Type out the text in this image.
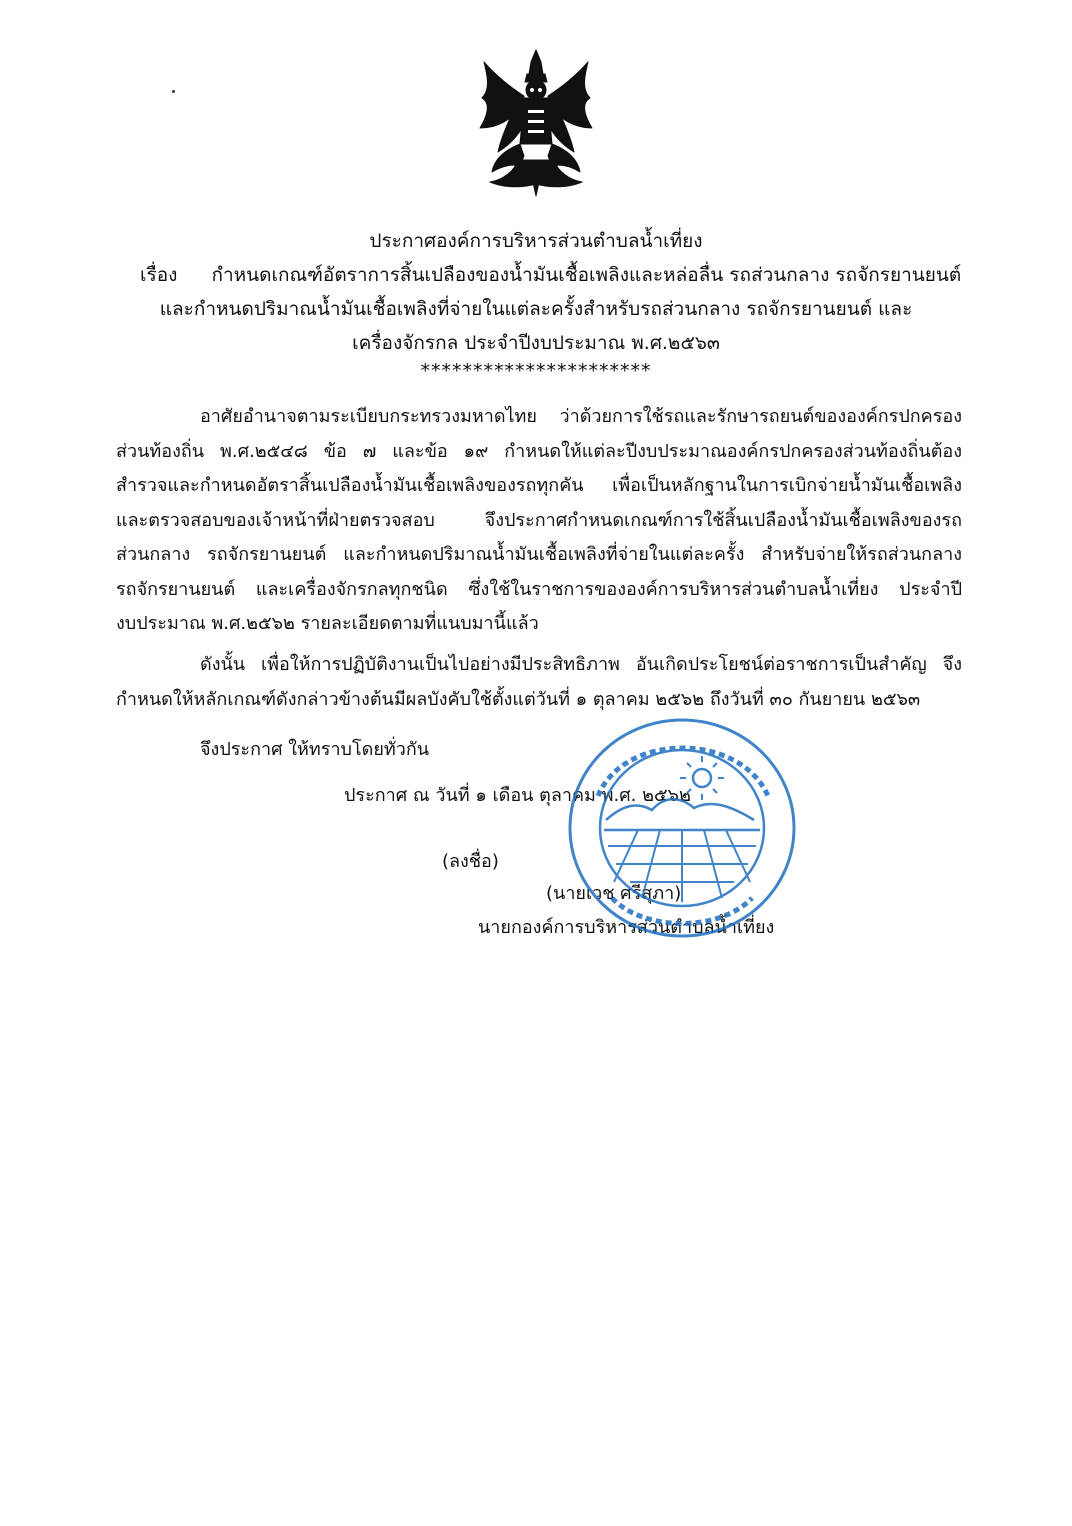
ประกาศองค์การบริหารส่วนตำบลน้ำเที่ยง
เรื่อง กำหนดเกณฑ์อัตราการสิ้นเปลืองของน้ำมันเชื้อเพลิงและหล่อลื่น รถส่วนกลาง รถจักรยานยนต์
และกำหนดปริมาณน้ำมันเชื้อเพลิงที่จ่ายในแต่ละครั้งสำหรับรถส่วนกลาง รถจักรยานยนต์ และ
เครื่องจักรกล ประจำปีงบประมาณ พ.ศ.๒๕๖๓
**********************
อาศัยอำนาจตามระเบียบกระทรวงมหาดไทย ว่าด้วยการใช้รถและรักษารถยนต์ขององค์กรปกครอง
ส่วนท้องถิ่น พ.ศ.๒๕๔๘ ข้อ ๗ และข้อ ๑๙ กำหนดให้แต่ละปีงบประมาณองค์กรปกครองส่วนท้องถิ่นต้อง
สำรวจและกำหนดอัตราสิ้นเปลืองน้ำมันเชื้อเพลิงของรถทุกคัน เพื่อเป็นหลักฐานในการเบิกจ่ายน้ำมันเชื้อเพลิง
และตรวจสอบของเจ้าหน้าที่ฝ่ายตรวจสอบ จึงประกาศกำหนดเกณฑ์การใช้สิ้นเปลืองน้ำมันเชื้อเพลิงของรถ
ส่วนกลาง รถจักรยานยนต์ และกำหนดปริมาณน้ำมันเชื้อเพลิงที่จ่ายในแต่ละครั้ง สำหรับจ่ายให้รถส่วนกลาง
รถจักรยานยนต์ และเครื่องจักรกลทุกชนิด ซึ่งใช้ในราชการขององค์การบริหารส่วนตำบลน้ำเที่ยง ประจำปี
งบประมาณ พ.ศ.๒๕๖๒ รายละเอียดตามที่แนบมานี้แล้ว
ดังนั้น เพื่อให้การปฏิบัติงานเป็นไปอย่างมีประสิทธิภาพ อันเกิดประโยชน์ต่อราชการเป็นสำคัญ จึง
กำหนดให้หลักเกณฑ์ดังกล่าวข้างต้นมีผลบังคับใช้ตั้งแต่วันที่ ๑ ตุลาคม ๒๕๖๒ ถึงวันที่ ๓๐ กันยายน ๒๕๖๓
จึงประกาศ ให้ทราบโดยทั่วกัน
ประกาศ ณ วันที่ ๑ เดือน ตุลาคม พ.ศ. ๒๕๖๒
(ลงชื่อ)
(นายเวช ศรีสุภา)
นายกองค์การบริหารส่วนตำบลน้ำเที่ยง
